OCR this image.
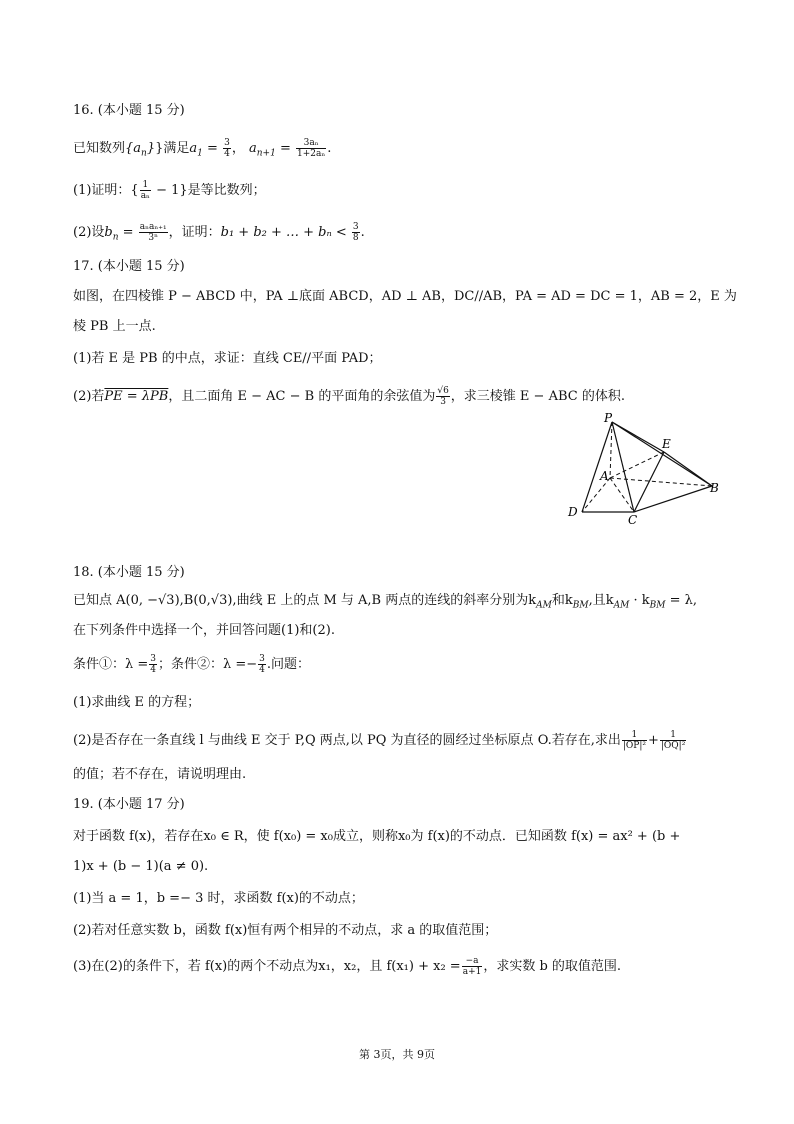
16. (本小题 15 分)
已知数列$\{a_n\}$}满足$a_1 = \frac{3}{4}$ ， $a_{n+1} = \frac{\text{3aₙ}}{\text{1+2aₙ}}$ .
(1)证明：{ $\frac{1}{\text{aₙ}} - 1$}是等比数列；
(2)设$b_n = \frac{\text{aₙaₙ₊₁}}{\text{3ⁿ}}$ ，证明：b₁ + b₂ + … + $b_n < \frac{3}{8}$ .
17. (本小题 15 分)
如图，在四棱锥 P − ABCD 中，PA ⊥底面 ABCD，AD ⊥ AB，DC//AB，PA = AD = DC = 1，AB = 2，E 为
棱 PB 上一点.
(1)若 E 是 PB 的中点，求证：直线 CE//平面 PAD；
(2)若PE = λPB，且二面角 E − AC − B 的平面角的余弦值为 $\frac{√6}{3}$ ，求三棱锥 E − ABC 的体积.
P
E
A
B
D
C
18. (本小题 15 分)
已知点 A(0, −√3),B(0,√3),曲线 E 上的点 M 与 A,B 两点的连线的斜率分别为$k_{AM}$和$k_{BM}$,且$k_{AM} \cdot k_{BM} = \lambda$,
在下列条件中选择一个，并回答问题(1)和(2).
条件①：$\lambda = \frac{3}{4}$ ；条件②：$\lambda =- \frac{3}{4}$ .问题：
(1)求曲线 E 的方程；
(2)是否存在一条直线 l 与曲线 E 交于 P,Q 两点,以 PQ 为直径的圆经过坐标原点 O.若存在,求出 $\frac{1}{\text{|OP|²}} + \frac{1}{\text{|OQ|²}}$
的值；若不存在，请说明理由.
19. (本小题 17 分)
对于函数 f(x)，若存在x₀ ∈ R，使 f(x₀) = x₀成立，则称x₀为 f(x)的不动点．已知函数 f(x) = ax² + (b +
1)x + (b − 1)(a ≠ 0).
(1)当 a = 1，b =− 3 时，求函数 f(x)的不动点；
(2)若对任意实数 b，函数 f(x)恒有两个相异的不动点，求 a 的取值范围；
(3)在(2)的条件下，若 f(x)的两个不动点为x₁，x₂，且 $f(x_1) + x_2 = \frac{-a}{a+1}$ ，求实数 b 的取值范围.
第 3页，共 9页
